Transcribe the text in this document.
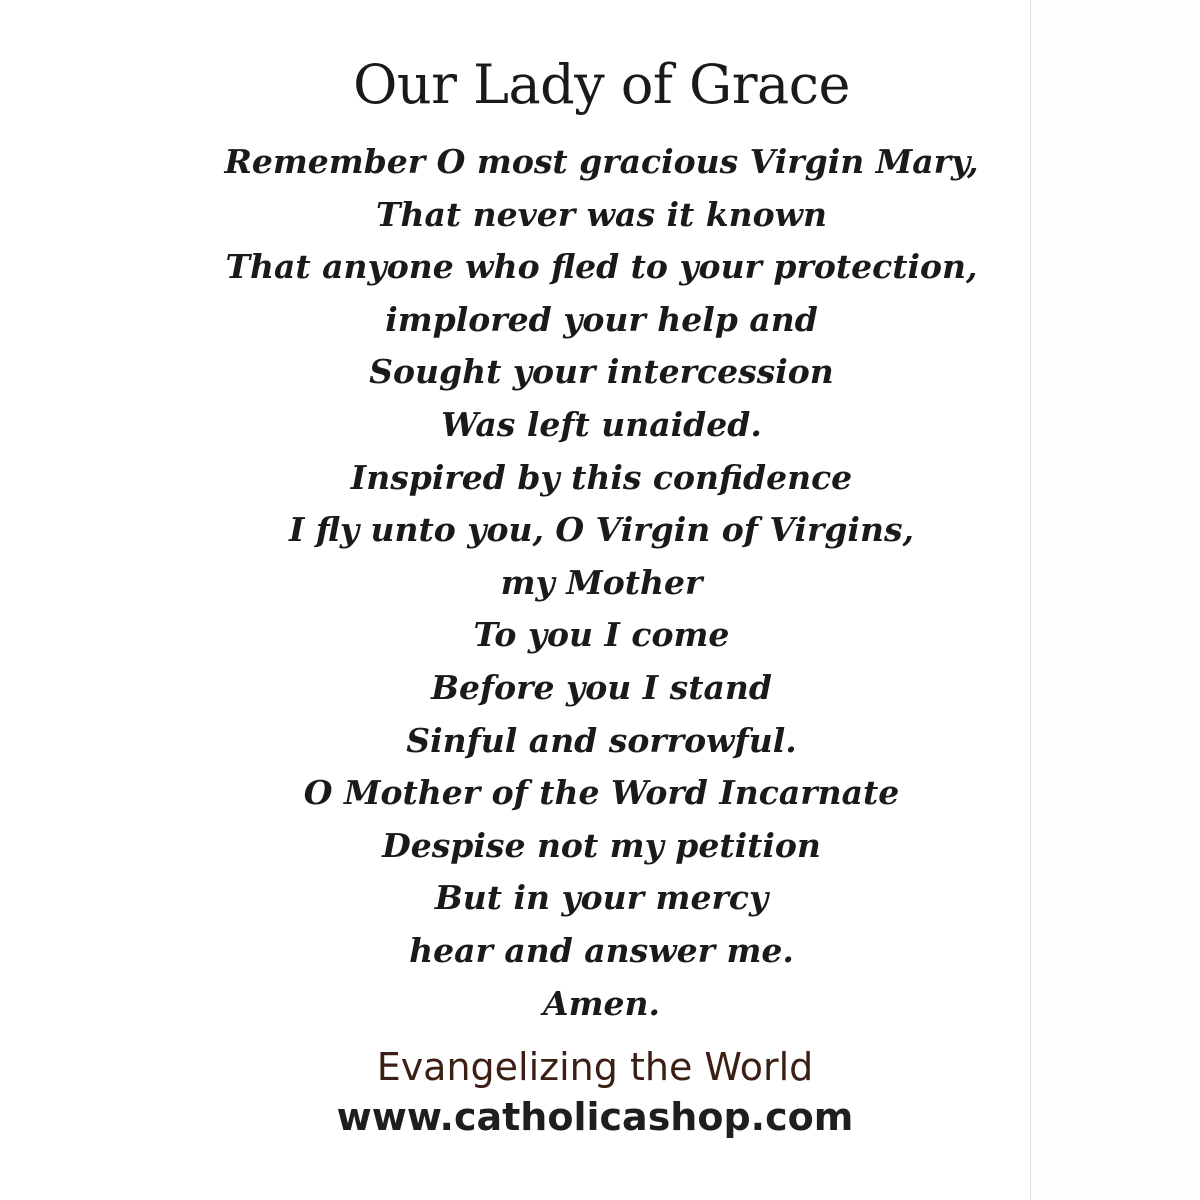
Our Lady of Grace
Remember O most gracious Virgin Mary,
That never was it known
That anyone who fled to your protection,
implored your help and
Sought your intercession
Was left unaided.
Inspired by this confidence
I fly unto you, O Virgin of Virgins,
my Mother
To you I come
Before you I stand
Sinful and sorrowful.
O Mother of the Word Incarnate
Despise not my petition
But in your mercy
hear and answer me.
Amen.
Evangelizing the World
www.catholicashop.com
